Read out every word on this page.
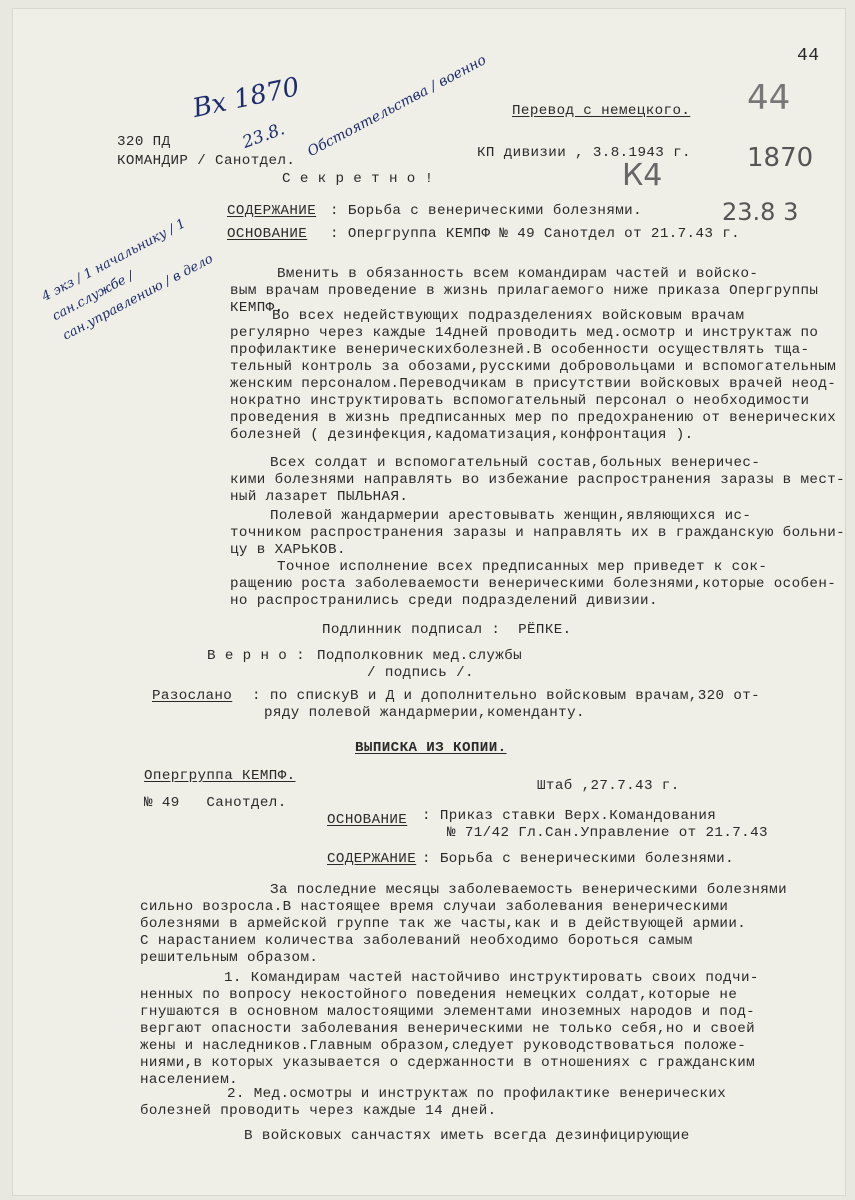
44
Вх 1870
23.8. Обстоятельства / военно
К4
44
1870
23.8 3
4 экз / 1 начальнику / 1 сан.службе / сан.управлению / в дело
320 ПД
КОМАНДИР / Санотдел.
Перевод с немецкого.
КП дивизии , 3.8.1943 г.
С е к р е т н о !
СОДЕРЖАНИЕ : Борьба с венерическими болезнями.
ОСНОВАНИЕ : Опергруппа КЕМПФ № 49 Санотдел от 21.7.43 г.
Вменить в обязанность всем командирам частей и войско-
вым врачам проведение в жизнь прилагаемого ниже приказа Опергруппы
КЕМПФ.
Во всех недействующих подразделениях войсковым врачам
регулярно через каждые 14дней проводить мед.осмотр и инструктаж по
профилактике венерическихболезней.В особенности осуществлять тща-
тельный контроль за обозами,русскими добровольцами и вспомогательным
женским персоналом.Переводчикам в присутствии войсковых врачей неод-
нократно инструктировать вспомогательный персонал о необходимости
проведения в жизнь предписанных мер по предохранению от венерических
болезней ( дезинфекция,кадоматизация,конфронтация ).
Всех солдат и вспомогательный состав,больных венеричес-
кими болезнями направлять во избежание распространения заразы в мест-
ный лазарет ПЫЛЬНАЯ.
Полевой жандармерии арестовывать женщин,являющихся ис-
точником распространения заразы и направлять их в гражданскую больни-
цу в ХАРЬКОВ.
Точное исполнение всех предписанных мер приведет к сок-
ращению роста заболеваемости венерическими болезнями,которые особен-
но распространились среди подразделений дивизии.
Подлинник подписал :  РЁПКЕ.
В е р н о : Подполковник мед.службы
/ подпись /.
Разослано : по спискуВ и Д и дополнительно войсковым врачам,320 от-
ряду полевой жандармерии,коменданту.
ВЫПИСКА ИЗ КОПИИ.
Опергруппа КЕМПФ.
№ 49   Санотдел.
Штаб ,27.7.43 г.
ОСНОВАНИЕ : Приказ ставки Верх.Командования
№ 71/42 Гл.Сан.Управление от 21.7.43
СОДЕРЖАНИЕ : Борьба с венерическими болезнями.
За последние месяцы заболеваемость венерическими болезнями
сильно возросла.В настоящее время случаи заболевания венерическими
болезнями в армейской группе так же часты,как и в действующей армии.
С нарастанием количества заболеваний необходимо бороться самым
решительным образом.
1. Командирам частей настойчиво инструктировать своих подчи-
ненных по вопросу некостойного поведения немецких солдат,которые не
гнушаются в основном малостоящими элементами иноземных народов и под-
вергают опасности заболевания венерическими не только себя,но и своей
жены и наследников.Главным образом,следует руководствоваться положе-
ниями,в которых указывается о сдержанности в отношениях с гражданским
населением.
2. Мед.осмотры и инструктаж по профилактике венерических
болезней проводить через каждые 14 дней.
В войсковых санчастях иметь всегда дезинфицирующие
